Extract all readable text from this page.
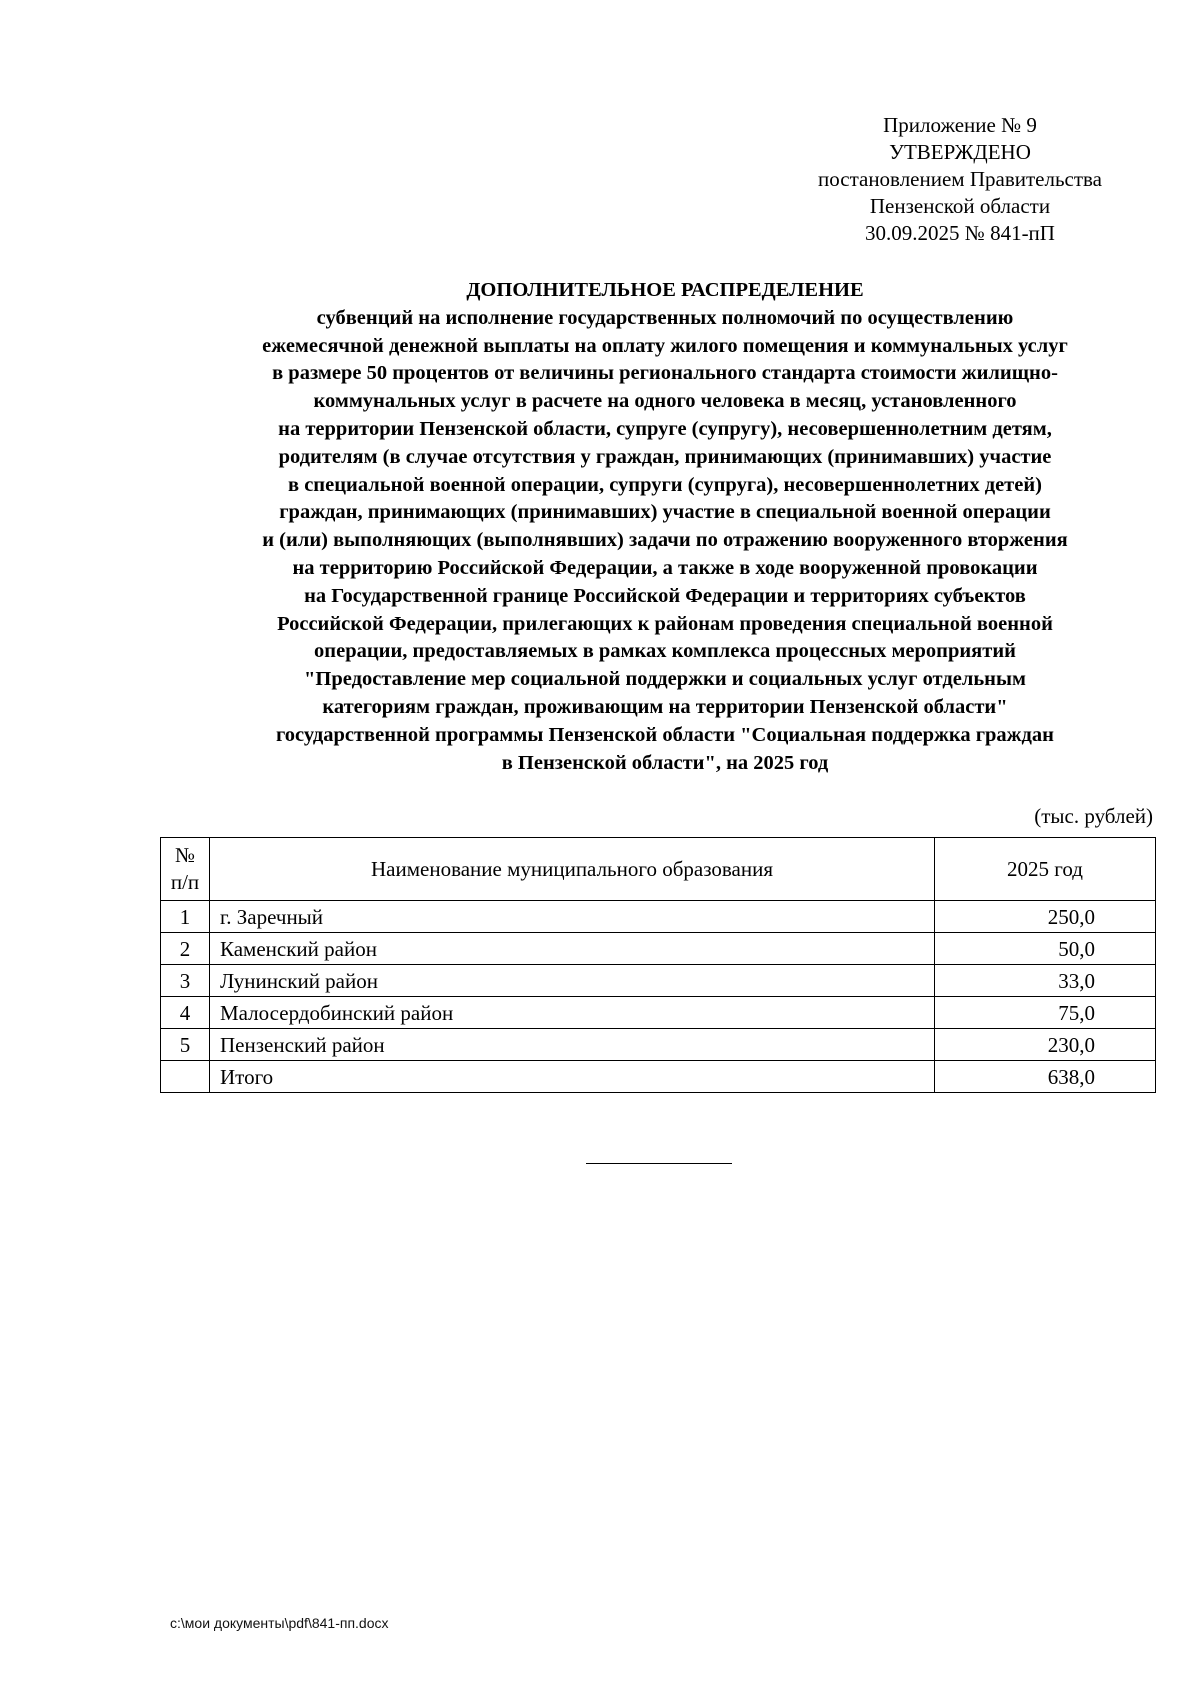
Приложение № 9
УТВЕРЖДЕНО
постановлением Правительства
Пензенской области
30.09.2025 № 841-пП
ДОПОЛНИТЕЛЬНОЕ РАСПРЕДЕЛЕНИЕ
субвенций на исполнение государственных полномочий по осуществлению
ежемесячной денежной выплаты на оплату жилого помещения и коммунальных услуг
в размере 50 процентов от величины регионального стандарта стоимости жилищно-
коммунальных услуг в расчете на одного человека в месяц, установленного
на территории Пензенской области, супруге (супругу), несовершеннолетним детям,
родителям (в случае отсутствия у граждан, принимающих (принимавших) участие
в специальной военной операции, супруги (супруга), несовершеннолетних детей)
граждан, принимающих (принимавших) участие в специальной военной операции
и (или) выполняющих (выполнявших) задачи по отражению вооруженного вторжения
на территорию Российской Федерации, а также в ходе вооруженной провокации
на Государственной границе Российской Федерации и территориях субъектов
Российской Федерации, прилегающих к районам проведения специальной военной
операции, предоставляемых в рамках комплекса процессных мероприятий
"Предоставление мер социальной поддержки и социальных услуг отдельным
категориям граждан, проживающим на территории Пензенской области"
государственной программы Пензенской области "Социальная поддержка граждан
в Пензенской области", на 2025 год
(тыс. рублей)
№
п/п	Наименование муниципального образования	2025 год
1	г. Заречный	250,0
2	Каменский район	50,0
3	Лунинский район	33,0
4	Малосердобинский район	75,0
5	Пензенский район	230,0
	Итого	638,0
c:\мои документы\pdf\841-пп.docx
